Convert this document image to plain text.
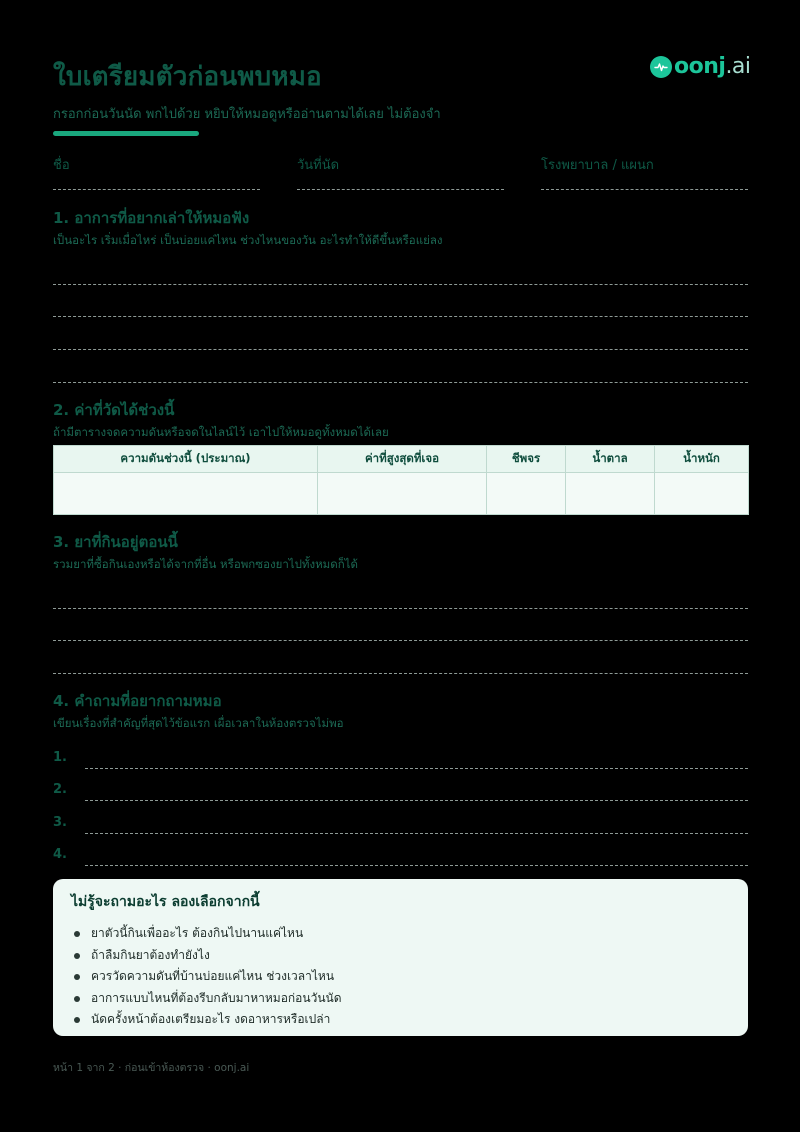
ใบเตรียมตัวก่อนพบหมอ
กรอกก่อนวันนัด พกไปด้วย หยิบให้หมอดูหรืออ่านตามได้เลย ไม่ต้องจำ
oonj.ai
ชื่อ	วันที่นัด	โรงพยาบาล / แผนก
1. อาการที่อยากเล่าให้หมอฟัง
เป็นอะไร เริ่มเมื่อไหร่ เป็นบ่อยแค่ไหน ช่วงไหนของวัน อะไรทำให้ดีขึ้นหรือแย่ลง
2. ค่าที่วัดได้ช่วงนี้
ถ้ามีตารางจดความดันหรือจดในไลน์ไว้ เอาไปให้หมอดูทั้งหมดได้เลย
ความดันช่วงนี้ (ประมาณ)	ค่าที่สูงสุดที่เจอ	ชีพจร	น้ำตาล	น้ำหนัก

3. ยาที่กินอยู่ตอนนี้
รวมยาที่ซื้อกินเองหรือได้จากที่อื่น หรือพกซองยาไปทั้งหมดก็ได้
4. คำถามที่อยากถามหมอ
เขียนเรื่องที่สำคัญที่สุดไว้ข้อแรก เผื่อเวลาในห้องตรวจไม่พอ
1.
2.
3.
4.
ไม่รู้จะถามอะไร ลองเลือกจากนี้
ยาตัวนี้กินเพื่ออะไร ต้องกินไปนานแค่ไหน
ถ้าลืมกินยาต้องทำยังไง
ควรวัดความดันที่บ้านบ่อยแค่ไหน ช่วงเวลาไหน
อาการแบบไหนที่ต้องรีบกลับมาหาหมอก่อนวันนัด
นัดครั้งหน้าต้องเตรียมอะไร งดอาหารหรือเปล่า
หน้า 1 จาก 2 · ก่อนเข้าห้องตรวจ · oonj.ai
